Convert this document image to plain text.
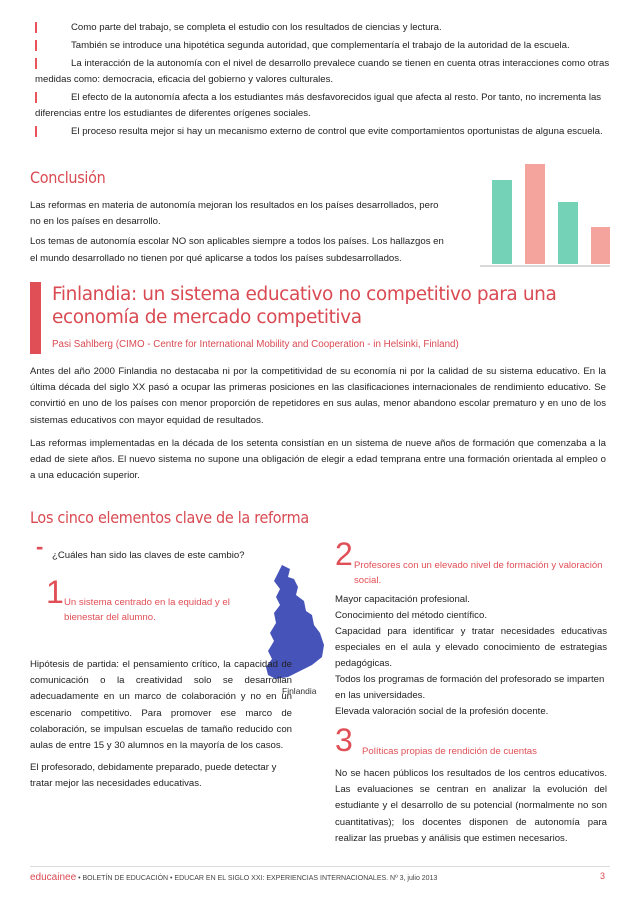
Como parte del trabajo, se completa el estudio con los resultados de ciencias y lectura.

También se introduce una hipotética segunda autoridad, que complementaría el trabajo de la autoridad de la escuela.

La interacción de la autonomía con el nivel de desarrollo prevalece cuando se tienen en cuenta otras interacciones como otras medidas como: democracia, eficacia del gobierno y valores culturales.

El efecto de la autonomía afecta a los estudiantes más desfavorecidos igual que afecta al resto. Por tanto, no incrementa las diferencias entre los estudiantes de diferentes orígenes sociales.

El proceso resulta mejor si hay un mecanismo externo de control que evite comportamientos oportunistas de alguna escuela.

Conclusión

Las reformas en materia de autonomía mejoran los resultados en los países desarrollados, pero no en los países en desarrollo.

Los temas de autonomía escolar NO son aplicables siempre a todos los países. Los hallazgos en el mundo desarrollado no tienen por qué aplicarse a todos los países subdesarrollados.

Finlandia: un sistema educativo no competitivo para una
economía de mercado competitiva
Pasi Sahlberg (CIMO - Centre for International Mobility and Cooperation - in Helsinki, Finland)

Antes del año 2000 Finlandia no destacaba ni por la competitividad de su economía ni por la calidad de su sistema educativo. En la última década del siglo XX pasó a ocupar las primeras posiciones en las clasificaciones internacionales de rendimiento educativo. Se convirtió en uno de los países con menor proporción de repetidores en sus aulas, menor abandono escolar prematuro y en uno de los sistemas educativos con mayor equidad de resultados.

Las reformas implementadas en la década de los setenta consistían en un sistema de nueve años de formación que comenzaba a la edad de siete años. El nuevo sistema no supone una obligación de elegir a edad temprana entre una formación orientada al empleo o a una educación superior.

Los cinco elementos clave de la reforma
- ¿Cuáles han sido las claves de este cambio?
1 Un sistema centrado en la equidad y el bienestar del alumno.
Finlandia

Hipótesis de partida: el pensamiento crítico, la capacidad de comunicación o la creatividad solo se desarrollan adecuadamente en un marco de colaboración y no en un escenario competitivo. Para promover ese marco de colaboración, se impulsan escuelas de tamaño reducido con aulas de entre 15 y 30 alumnos en la mayoría de los casos.

El profesorado, debidamente preparado, puede detectar y tratar mejor las necesidades educativas.

2 Profesores con un elevado nivel de formación y valoración social.

Mayor capacitación profesional.

Conocimiento del método científico.

Capacidad para identificar y tratar necesidades educativas especiales en el aula y elevado conocimiento de estrategias pedagógicas.

Todos los programas de formación del profesorado se imparten en las universidades.

Elevada valoración social de la profesión docente.

3 Políticas propias de rendición de cuentas
No se hacen públicos los resultados de los centros educativos. Las evaluaciones se centran en analizar la evolución del estudiante y el desarrollo de su potencial (normalmente no son cuantitativas); los docentes disponen de autonomía para realizar las pruebas y análisis que estimen necesarios.
educainee • BOLETÍN DE EDUCACIÓN • EDUCAR EN EL SIGLO XXI: EXPERIENCIAS INTERNACIONALES. Nº 3, julio 2013	3
